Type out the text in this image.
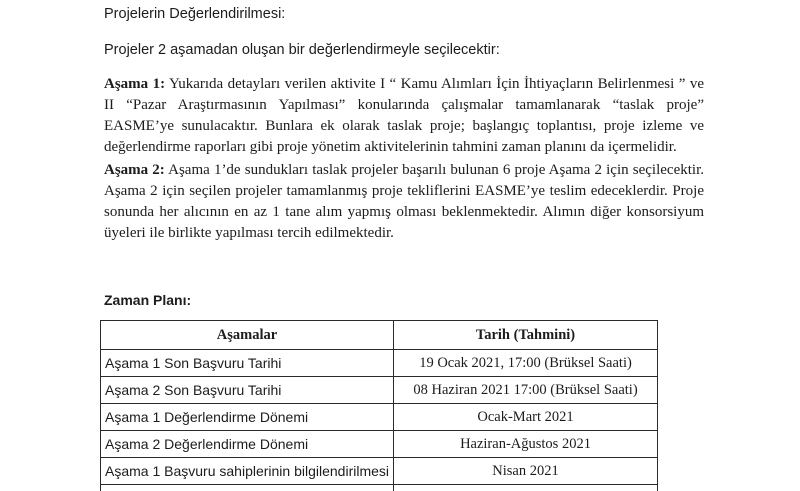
Projelerin Değerlendirilmesi:

Projeler 2 aşamadan oluşan bir değerlendirmeyle seçilecektir:

Aşama 1: Yukarıda detayları verilen aktivite I “ Kamu Alımları İçin İhtiyaçların Belirlenmesi ” ve II “Pazar Araştırmasının Yapılması” konularında çalışmalar tamamlanarak “taslak proje” EASME’ye sunulacaktır. Bunlara ek olarak taslak proje; başlangıç toplantısı, proje izleme ve değerlendirme raporları gibi proje yönetim aktivitelerinin tahmini zaman planını da içermelidir.

Aşama 2: Aşama 1’de sundukları taslak projeler başarılı bulunan 6 proje Aşama 2 için seçilecektir. Aşama 2 için seçilen projeler tamamlanmış proje tekliflerini EASME’ye teslim edeceklerdir. Proje sonunda her alıcının en az 1 tane alım yapmış olması beklenmektedir. Alımın diğer konsorsiyum üyeleri ile birlikte yapılması tercih edilmektedir.

Zaman Planı:

Aşamalar	Tarih (Tahmini)
Aşama 1 Son Başvuru Tarihi	19 Ocak 2021, 17:00 (Brüksel Saati)
Aşama 2 Son Başvuru Tarihi	08 Haziran 2021 17:00 (Brüksel Saati)
Aşama 1 Değerlendirme Dönemi	Ocak-Mart 2021
Aşama 2 Değerlendirme Dönemi	Haziran-Ağustos 2021
Aşama 1 Başvuru sahiplerinin bilgilendirilmesi	Nisan 2021
